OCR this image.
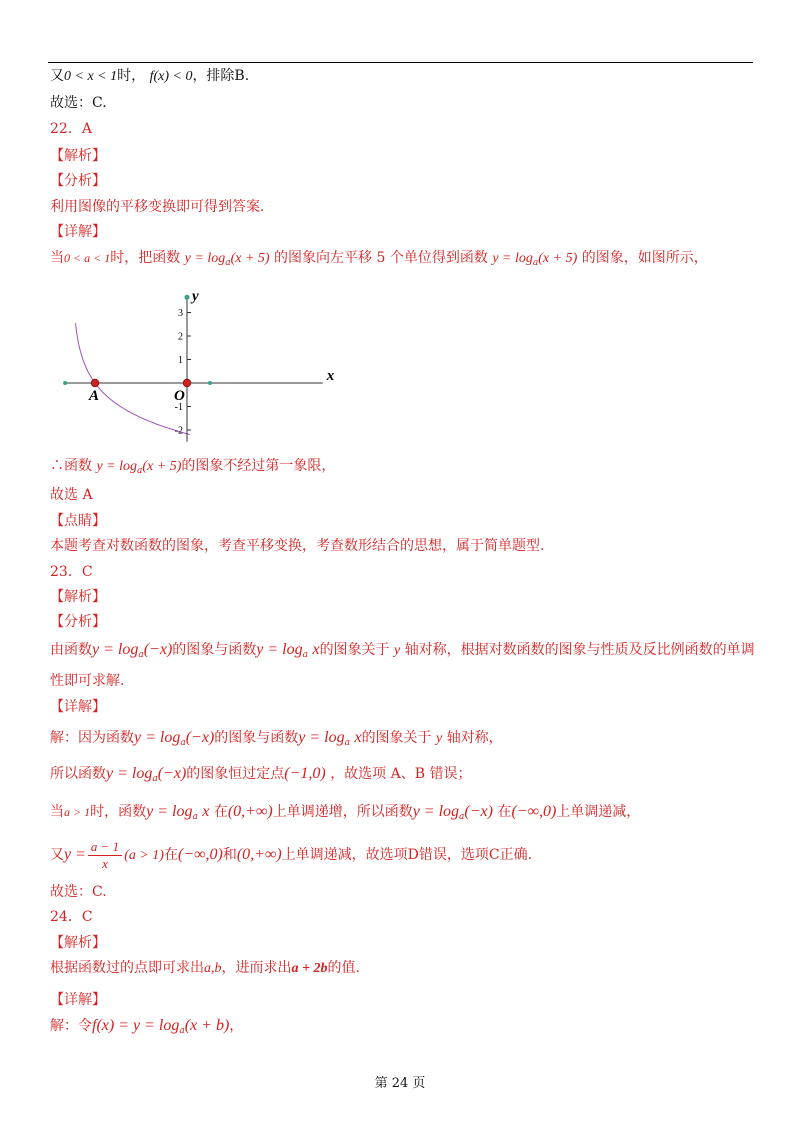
又0 < x < 1时， f(x) < 0，排除B.
故选：C.
22．A
【解析】
【分析】
利用图像的平移变换即可得到答案.
【详解】
当0 < a < 1时，把函数 $y = \log_a(x + 5)$ 的图象向左平移 5 个单位得到函数 $y = \log_a(x + 5)$ 的图象，如图所示，
3
2
1
-1
-2
x
y
O
A
∴函数 $y = \log_a(x + 5)$的图象不经过第一象限，
故选 A
【点睛】
本题考查对数函数的图象，考查平移变换，考查数形结合的思想，属于简单题型.
23．C
【解析】
【分析】
由函数$y = \log_a(-x)$的图象与函数$y = \log_a x$的图象关于 y 轴对称，根据对数函数的图象与性质及反比例函数的单调
性即可求解.
【详解】
解：因为函数$y = \log_a(-x)$的图象与函数$y = \log_a x$的图象关于 y 轴对称，
所以函数$y = \log_a(-x)$的图象恒过定点(−1,0) ，故选项 A、B 错误；
当a > 1时，函数$y = \log_a x$ 在(0,+∞)上单调递增，所以函数$y = \log_a(-x)$ 在(−∞,0)上单调递减，
又$y = \frac{a - 1}{x} (a > 1)$在(−∞,0)和(0,+∞)上单调递减，故选项D错误，选项C正确.
故选：C.
24．C
【解析】
根据函数过的点即可求出a,b，进而求出a + 2b的值.
【详解】
解：令$f(x) = y = \log_a(x + b)$，
第 24 页
